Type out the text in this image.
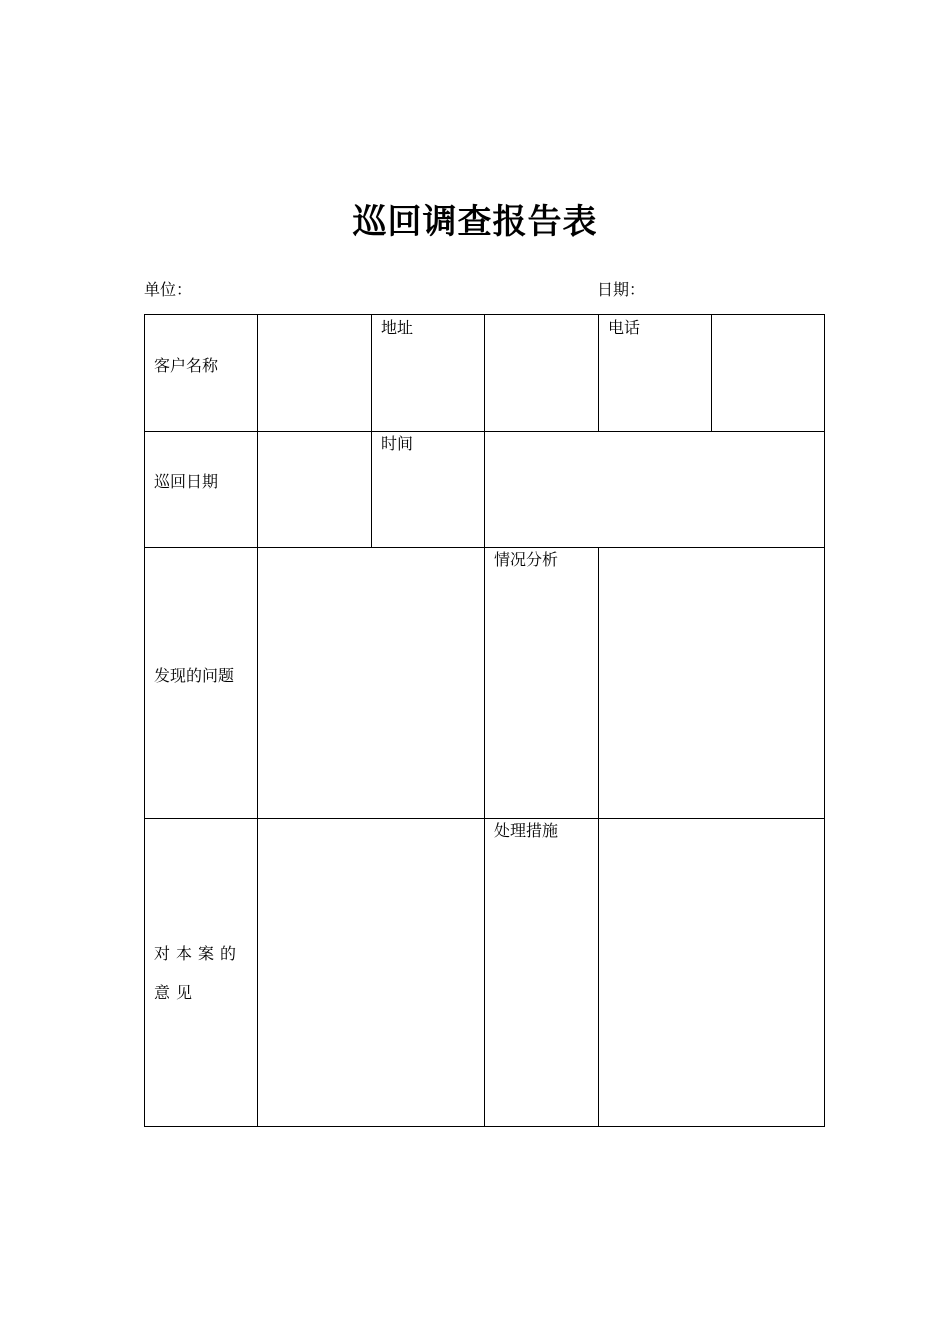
巡回调查报告表
单位：	日期：
客户名称
地址	电话
巡回日期
时间
发现的问题
情况分析
对本案的意见
处理措施
